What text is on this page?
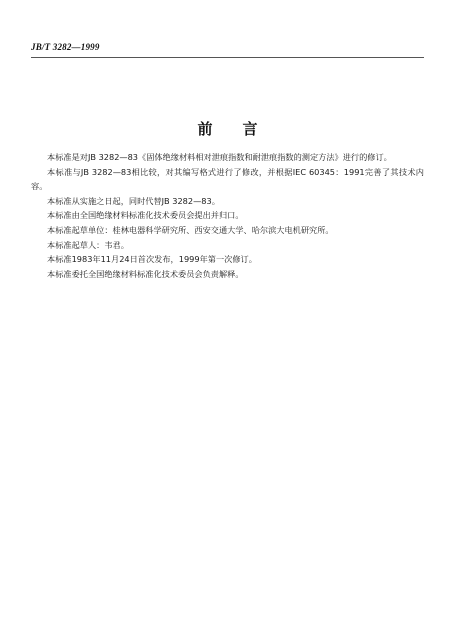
JB/T 3282—1999
前言

本标准是对JB 3282—83《固体绝缘材料相对泄痕指数和耐泄痕指数的测定方法》进行的修订。

本标准与JB 3282—83相比较，对其编写格式进行了修改，并根据IEC 60345：1991完善了其技术内容。

本标准从实施之日起，同时代替JB 3282—83。

本标准由全国绝缘材料标准化技术委员会提出并归口。

本标准起草单位：桂林电器科学研究所、西安交通大学、哈尔滨大电机研究所。

本标准起草人：韦君。

本标准1983年11月24日首次发布，1999年第一次修订。

本标准委托全国绝缘材料标准化技术委员会负责解释。
